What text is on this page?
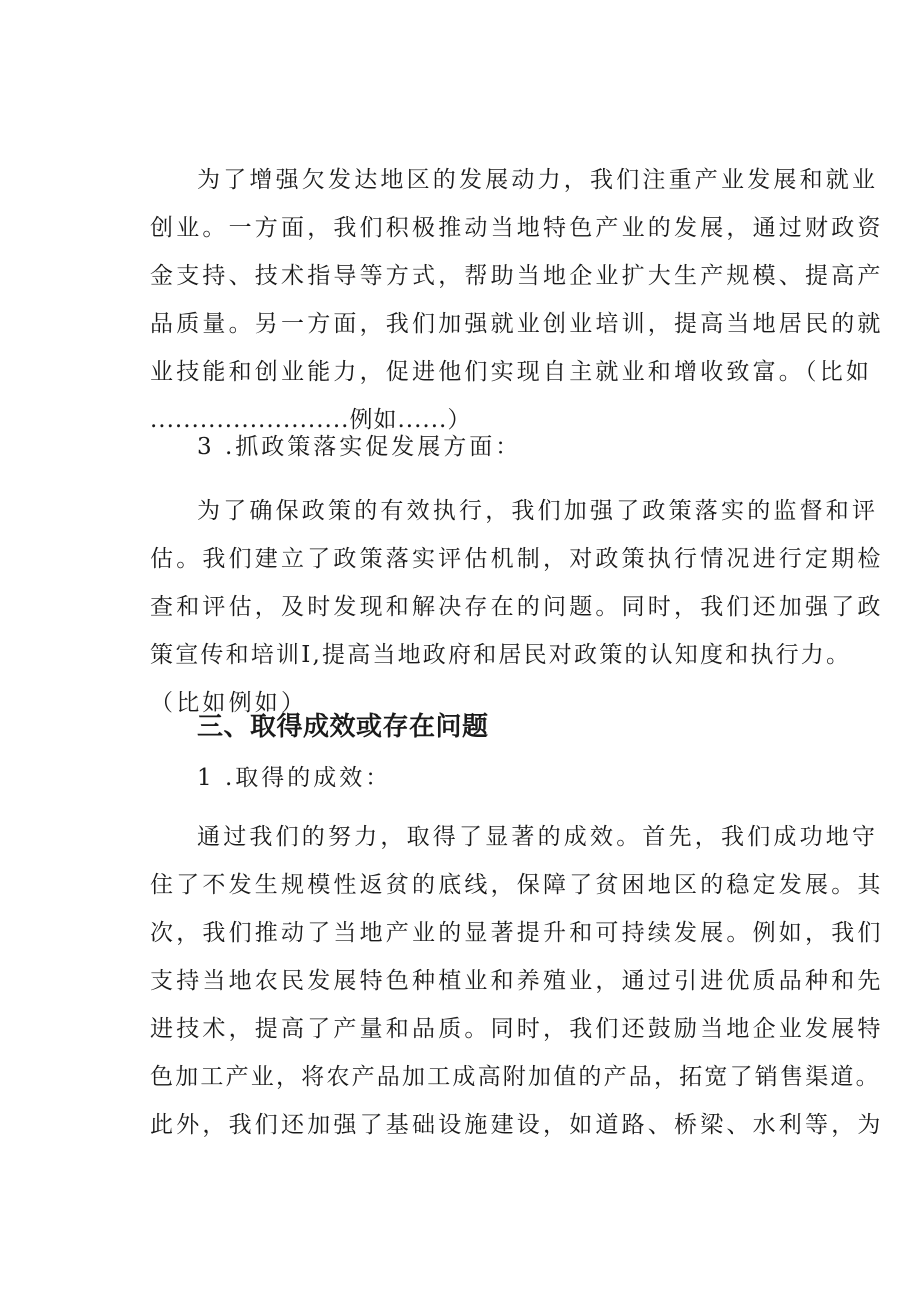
为了增强欠发达地区的发展动力，我们注重产业发展和就业
创业。一方面，我们积极推动当地特色产业的发展，通过财政资
金支持、技术指导等方式，帮助当地企业扩大生产规模、提高产
品质量。另一方面，我们加强就业创业培训，提高当地居民的就
业技能和创业能力，促进他们实现自主就业和增收致富。（比如
........................例如......）

3 .抓政策落实促发展方面：

为了确保政策的有效执行，我们加强了政策落实的监督和评
估。我们建立了政策落实评估机制，对政策执行情况进行定期检
查和评估，及时发现和解决存在的问题。同时，我们还加强了政
策宣传和培训I,提高当地政府和居民对政策的认知度和执行力。
（比如例如）
三、取得成效或存在问题

1 .取得的成效：

通过我们的努力，取得了显著的成效。首先，我们成功地守
住了不发生规模性返贫的底线，保障了贫困地区的稳定发展。其
次，我们推动了当地产业的显著提升和可持续发展。例如，我们
支持当地农民发展特色种植业和养殖业，通过引进优质品种和先
进技术，提高了产量和品质。同时，我们还鼓励当地企业发展特
色加工产业，将农产品加工成高附加值的产品，拓宽了销售渠道。
此外，我们还加强了基础设施建设，如道路、桥梁、水利等，为
